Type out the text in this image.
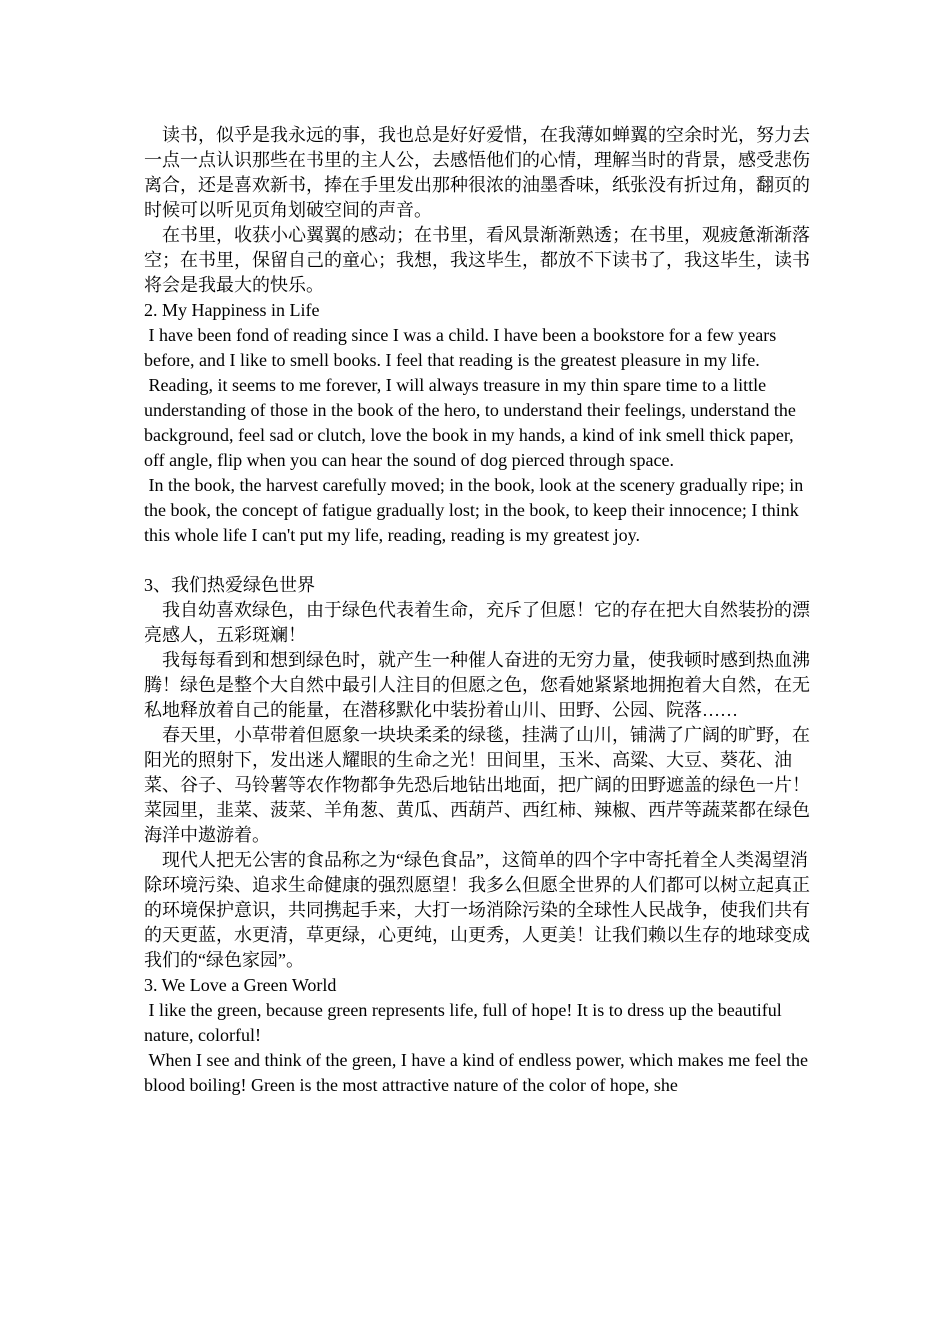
读书，似乎是我永远的事，我也总是好好爱惜，在我薄如蝉翼的空余时光，努力去一点一点认识那些在书里的主人公，去感悟他们的心情，理解当时的背景，感受悲伤离合，还是喜欢新书，捧在手里发出那种很浓的油墨香味，纸张没有折过角，翻页的时候可以听见页角划破空间的声音。

在书里，收获小心翼翼的感动；在书里，看风景渐渐熟透；在书里，观疲惫渐渐落空；在书里，保留自己的童心；我想，我这毕生，都放不下读书了，我这毕生，读书将会是我最大的快乐。

2. My Happiness in Life

I have been fond of reading since I was a child. I have been a bookstore for a few years before, and I like to smell books. I feel that reading is the greatest pleasure in my life.

Reading, it seems to me forever, I will always treasure in my thin spare time to a little understanding of those in the book of the hero, to understand their feelings, understand the background, feel sad or clutch, love the book in my hands, a kind of ink smell thick paper, off angle, flip when you can hear the sound of dog pierced through space.

In the book, the harvest carefully moved; in the book, look at the scenery gradually ripe; in the book, the concept of fatigue gradually lost; in the book, to keep their innocence; I think this whole life I can't put my life, reading, reading is my greatest joy.

3、我们热爱绿色世界

我自幼喜欢绿色，由于绿色代表着生命，充斥了但愿！它的存在把大自然装扮的漂亮感人，五彩斑斓！

我每每看到和想到绿色时，就产生一种催人奋进的无穷力量，使我顿时感到热血沸腾！绿色是整个大自然中最引人注目的但愿之色，您看她紧紧地拥抱着大自然，在无私地释放着自己的能量，在潜移默化中装扮着山川、田野、公园、院落……

春天里，小草带着但愿象一块块柔柔的绿毯，挂满了山川，铺满了广阔的旷野，在阳光的照射下，发出迷人耀眼的生命之光！田间里，玉米、高粱、大豆、葵花、油菜、谷子、马铃薯等农作物都争先恐后地钻出地面，把广阔的田野遮盖的绿色一片！菜园里，韭菜、菠菜、羊角葱、黄瓜、西葫芦、西红柿、辣椒、西芹等蔬菜都在绿色海洋中遨游着。

现代人把无公害的食品称之为“绿色食品”，这简单的四个字中寄托着全人类渴望消除环境污染、追求生命健康的强烈愿望！我多么但愿全世界的人们都可以树立起真正的环境保护意识，共同携起手来，大打一场消除污染的全球性人民战争，使我们共有的天更蓝，水更清，草更绿，心更纯，山更秀，人更美！让我们赖以生存的地球变成我们的“绿色家园”。

3. We Love a Green World

I like the green, because green represents life, full of hope! It is to dress up the beautiful nature, colorful!

When I see and think of the green, I have a kind of endless power, which makes me feel the blood boiling! Green is the most attractive nature of the color of hope, she
